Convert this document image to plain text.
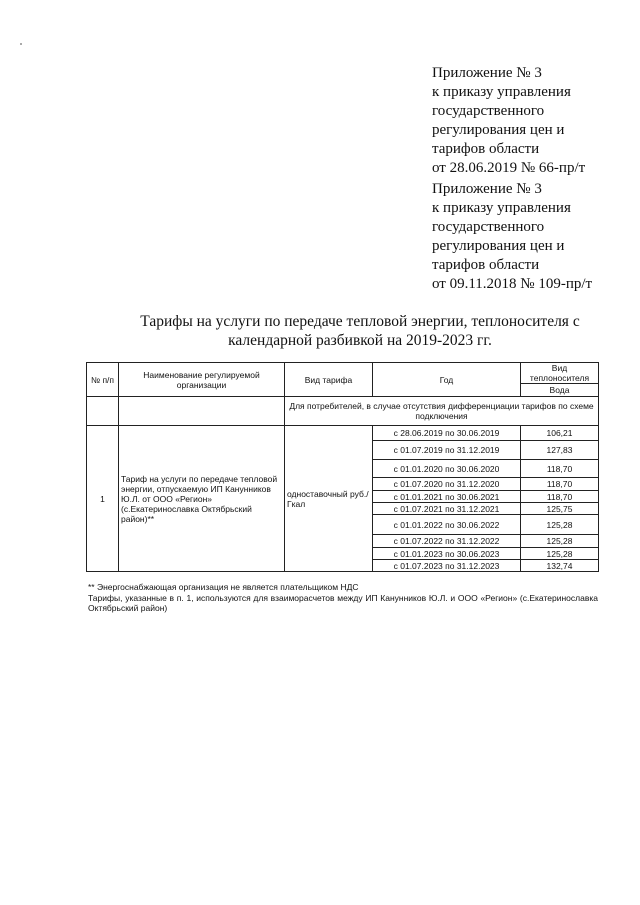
Приложение № 3
к приказу управления
государственного
регулирования цен и
тарифов области
от 28.06.2019 № 66-пр/т
Приложение № 3
к приказу управления
государственного
регулирования цен и
тарифов области
от 09.11.2018 № 109-пр/т
Тарифы на услуги по передаче тепловой энергии, теплоносителя с
календарной разбивкой на 2019-2023 гг.
№ п/п	Наименование регулируемой организации	Вид тарифа	Год	Вид теплоносителя
				Вода
		Для потребителей, в случае отсутствия дифференциации тарифов по схеме подключения		
1	Тариф на услуги по передаче тепловой энергии, отпускаемую ИП Канунников Ю.Л. от ООО «Регион» (с.Екатеринославка Октябрьский район)**	одноставочный руб./Гкал	с 28.06.2019 по 30.06.2019	106,21
			с 01.07.2019 по 31.12.2019	127,83
			с 01.01.2020 по 30.06.2020	118,70
			с 01.07.2020 по 31.12.2020	118,70
			с 01.01.2021 по 30.06.2021	118,70
			с 01.07.2021 по 31.12.2021	125,75
			с 01.01.2022 по 30.06.2022	125,28
			с 01.07.2022 по 31.12.2022	125,28
			с 01.01.2023 по 30.06.2023	125,28
			с 01.07.2023 по 31.12.2023	132,74
** Энергоснабжающая организация не является плательщиком НДС
Тарифы, указанные в п. 1, используются для взаиморасчетов между ИП Канунников Ю.Л. и ООО «Регион» (с.Екатеринославка Октябрьский район)
